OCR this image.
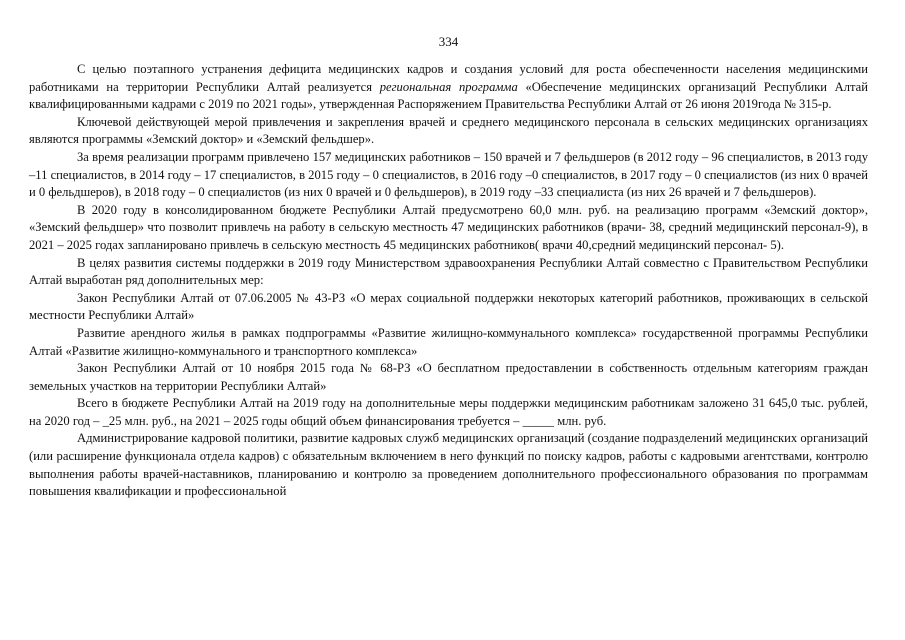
334

С целью поэтапного устранения дефицита медицинских кадров и создания условий для роста обеспеченности населения медицинскими работниками на территории Республики Алтай реализуется региональная программа «Обеспечение медицинских организаций Республики Алтай квалифицированными кадрами с 2019 по 2021 годы», утвержденная Распоряжением Правительства Республики Алтай от 26 июня 2019года № 315-р.

Ключевой действующей мерой привлечения и закрепления врачей и среднего медицинского персонала в сельских медицинских организациях являются программы «Земский доктор» и «Земский фельдшер».

За время реализации программ привлечено 157 медицинских работников – 150 врачей и 7 фельдшеров (в 2012 году – 96 специалистов, в 2013 году –11 специалистов, в 2014 году – 17 специалистов, в 2015 году – 0 специалистов, в 2016 году –0 специалистов, в 2017 году – 0 специалистов (из них 0 врачей и 0 фельдшеров), в 2018 году – 0 специалистов (из них 0 врачей и 0 фельдшеров), в 2019 году –33 специалиста (из них 26 врачей и 7 фельдшеров).

В 2020 году в консолидированном бюджете Республики Алтай предусмотрено 60,0 млн. руб. на реализацию программ «Земский доктор», «Земский фельдшер» что позволит привлечь на работу в сельскую местность 47 медицинских работников (врачи- 38, средний медицинский персонал-9), в 2021 – 2025 годах запланировано привлечь в сельскую местность 45 медицинских работников( врачи 40,средний медицинский персонал- 5).

В целях развития системы поддержки в 2019 году Министерством здравоохранения Республики Алтай совместно с Правительством Республики Алтай выработан ряд дополнительных мер:

Закон Республики Алтай от 07.06.2005 № 43-РЗ «О мерах социальной поддержки некоторых категорий работников, проживающих в сельской местности Республики Алтай»

Развитие арендного жилья в рамках подпрограммы «Развитие жилищно-коммунального комплекса» государственной программы Республики Алтай «Развитие жилищно-коммунального и транспортного комплекса»

Закон Республики Алтай от 10 ноября 2015 года № 68-РЗ «О бесплатном предоставлении в собственность отдельным категориям граждан земельных участков на территории Республики Алтай»

Всего в бюджете Республики Алтай на 2019 году на дополнительные меры поддержки медицинским работникам заложено 31 645,0 тыс. рублей, на 2020 год – _25 млн. руб., на 2021 – 2025 годы общий объем финансирования требуется – _____ млн. руб.

Администрирование кадровой политики, развитие кадровых служб медицинских организаций (создание подразделений медицинских организаций (или расширение функционала отдела кадров) с обязательным включением в него функций по поиску кадров, работы с кадровыми агентствами, контролю выполнения работы врачей-наставников, планированию и контролю за проведением дополнительного профессионального образования по программам повышения квалификации и профессиональной
